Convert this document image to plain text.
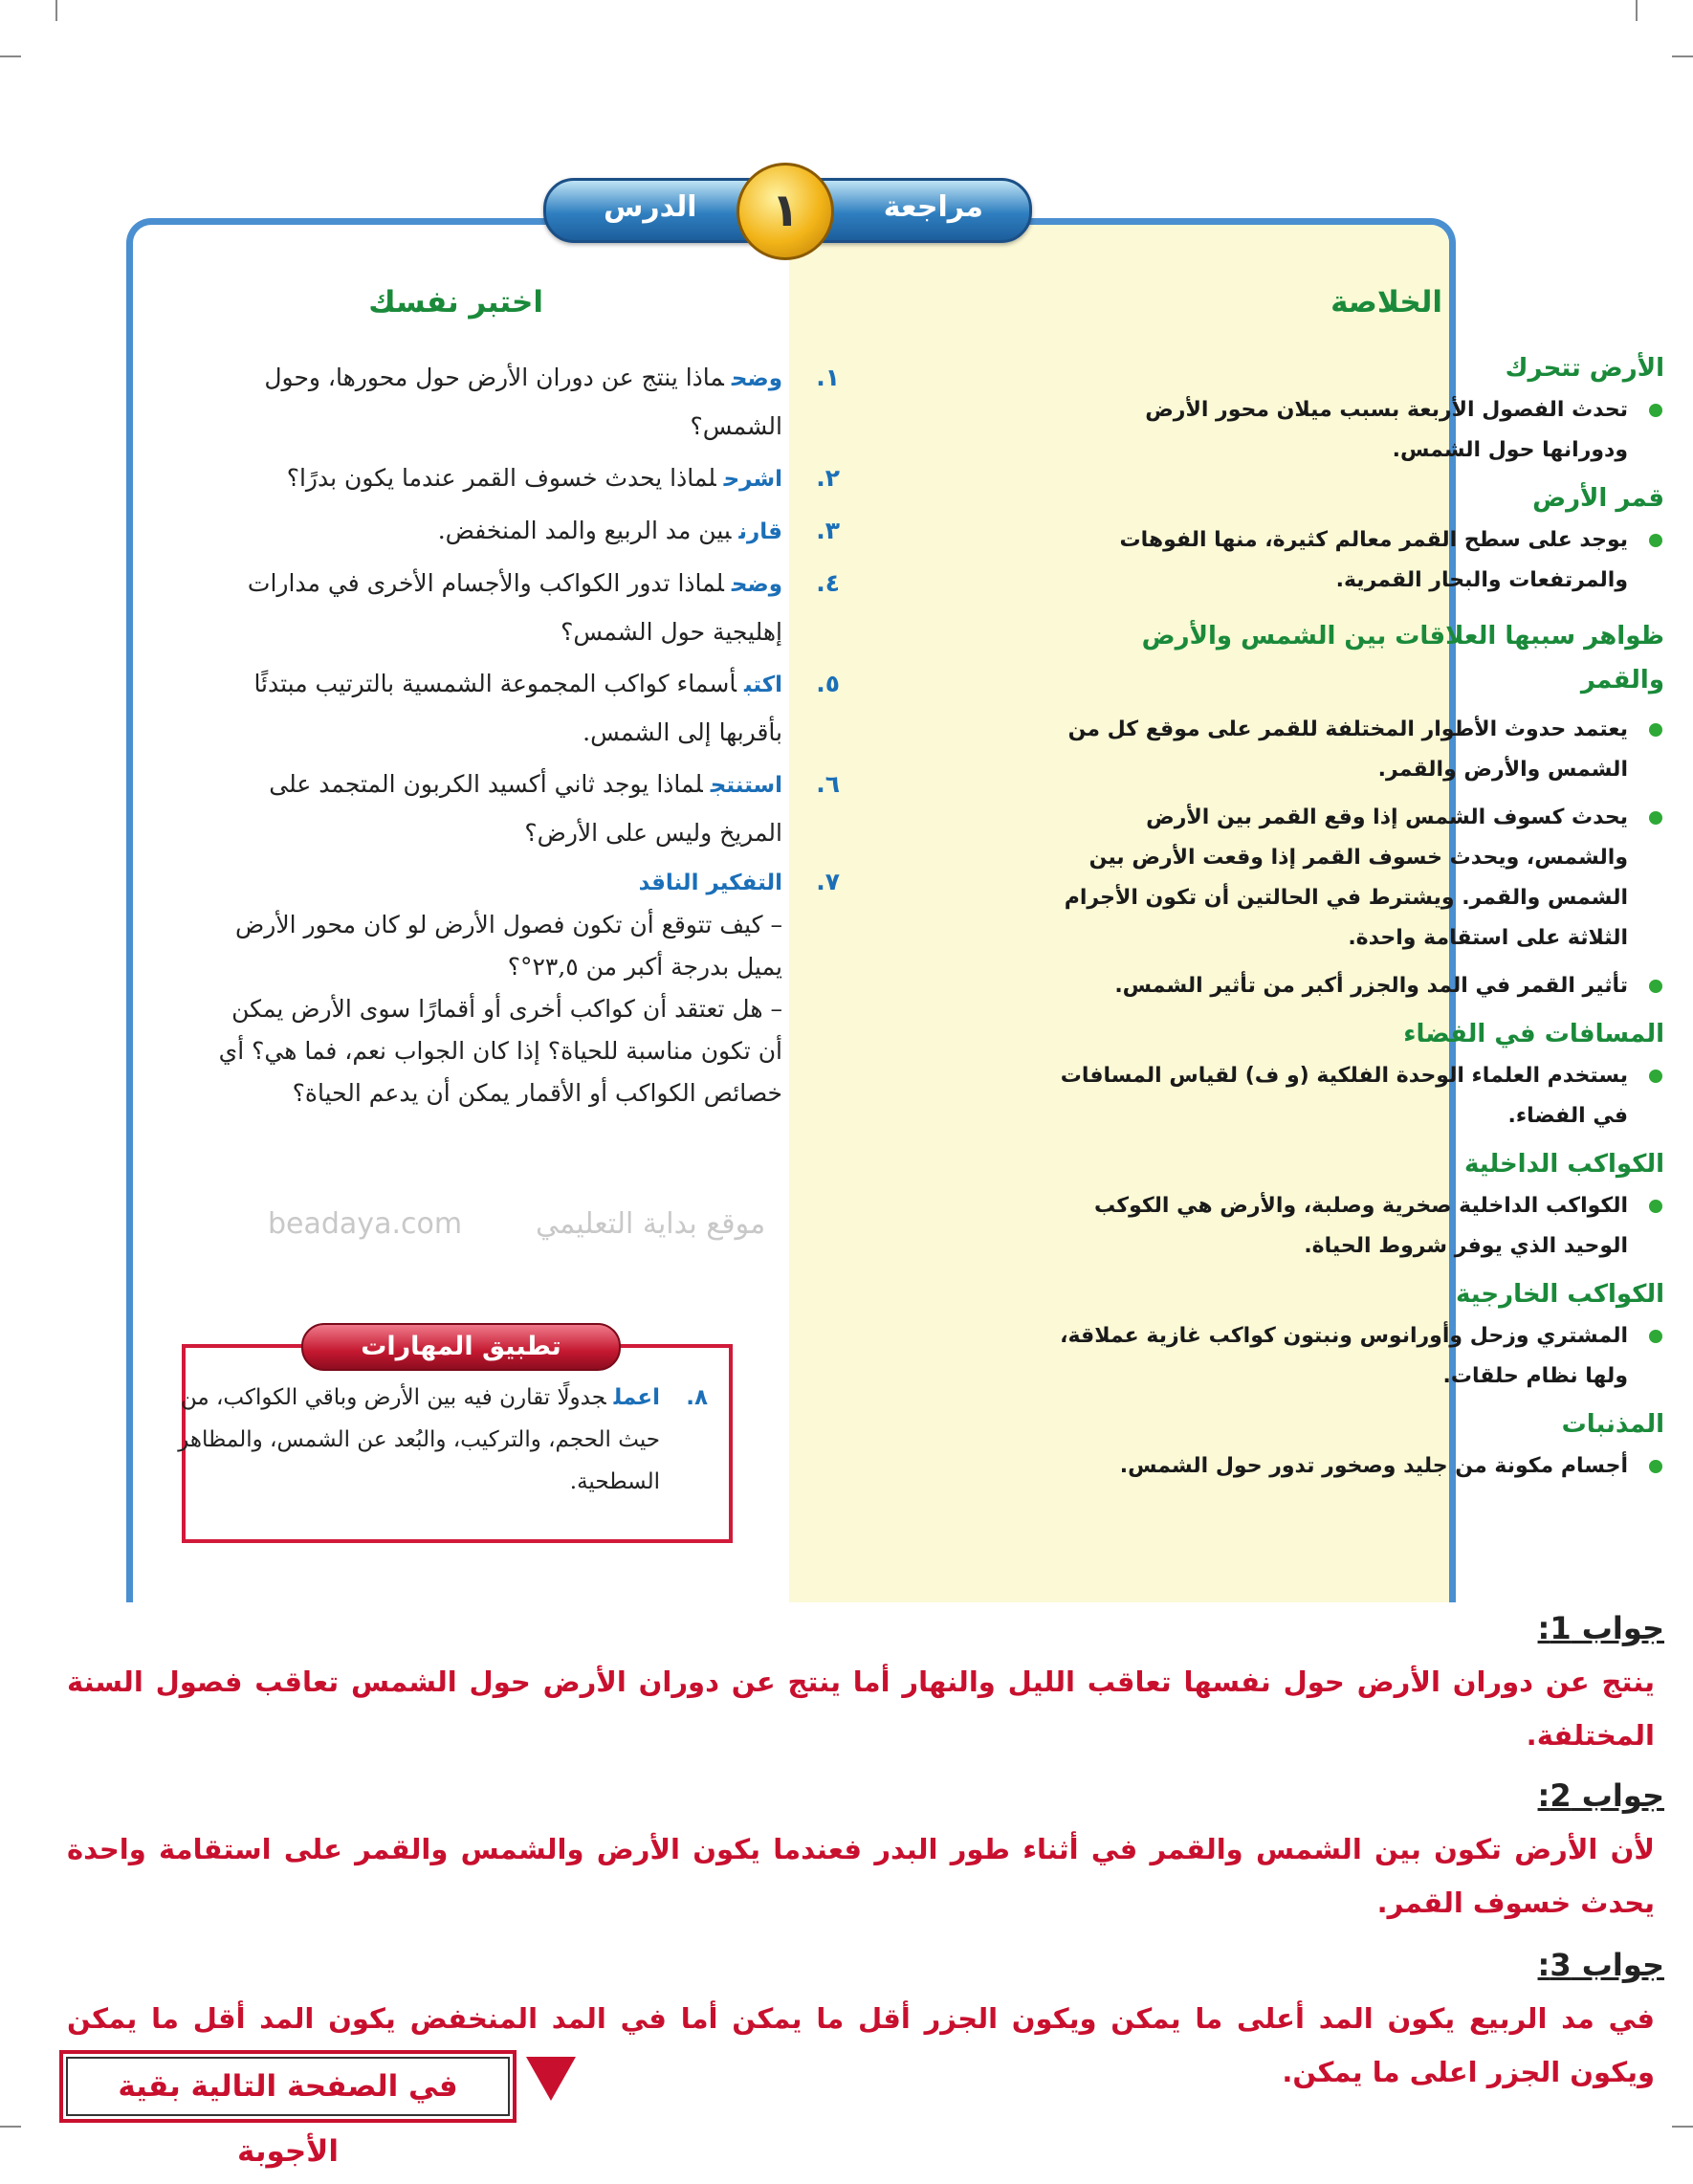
مراجعة
الدرس	١
الخلاصة
الأرض تتحرك
تحدث الفصول الأربعة بسبب ميلان محور الأرض ودورانها حول الشمس.
قمر الأرض
يوجد على سطح القمر معالم كثيرة، منها الفوهات والمرتفعات والبحار القمرية.
ظواهر سببها العلاقات بين الشمس والأرض والقمر
يعتمد حدوث الأطوار المختلفة للقمر على موقع كل من الشمس والأرض والقمر.
يحدث كسوف الشمس إذا وقع القمر بين الأرض والشمس، ويحدث خسوف القمر إذا وقعت الأرض بين الشمس والقمر. ويشترط في الحالتين أن تكون الأجرام الثلاثة على استقامة واحدة.
تأثير القمر في المد والجزر أكبر من تأثير الشمس.
المسافات في الفضاء
يستخدم العلماء الوحدة الفلكية (و ف) لقياس المسافات في الفضاء.
الكواكب الداخلية
الكواكب الداخلية صخرية وصلبة، والأرض هي الكوكب الوحيد الذي يوفر شروط الحياة.
الكواكب الخارجية
المشتري وزحل وأورانوس ونبتون كواكب غازية عملاقة، ولها نظام حلقات.
المذنبات
أجسام مكونة من جليد وصخور تدور حول الشمس.
اختبر نفسك
١.
وضحماذا ينتج عن دوران الأرض حول محورها، وحول الشمس؟
٢.
اشرحلماذا يحدث خسوف القمر عندما يكون بدرًا؟
٣.
قارنبين مد الربيع والمد المنخفض.
٤.
وضحلماذا تدور الكواكب والأجسام الأخرى في مدارات إهليجية حول الشمس؟
٥.
اكتبأسماء كواكب المجموعة الشمسية بالترتيب مبتدئًا بأقربها إلى الشمس.
٦.
استنتجلماذا يوجد ثاني أكسيد الكربون المتجمد على المريخ وليس على الأرض؟
٧.
التفكير الناقد
– كيف تتوقع أن تكون فصول الأرض لو كان محور الأرض يميل بدرجة أكبر من ٢٣,٥°؟
– هل تعتقد أن كواكب أخرى أو أقمارًا سوى الأرض يمكن أن تكون مناسبة للحياة؟ إذا كان الجواب نعم، فما هي؟ أي خصائص الكواكب أو الأقمار يمكن أن يدعم الحياة؟
موقع بداية التعليمي
beadaya.com
٨.
اعملجدولًا تقارن فيه بين الأرض وباقي الكواكب، من حيث الحجم، والتركيب، والبُعد عن الشمس، والمظاهر السطحية.
تطبيق المهارات
جواب 1:
ينتج عن دوران الأرض حول نفسها تعاقب الليل والنهار أما ينتج عن دوران الأرض حول الشمس تعاقب فصول السنة المختلفة.
جواب 2:
لأن الأرض تكون بين الشمس والقمر في أثناء طور البدر فعندما يكون الأرض والشمس والقمر على استقامة واحدة يحدث خسوف القمر.
جواب 3:
في مد الربيع يكون المد أعلى ما يمكن ويكون الجزر أقل ما يمكن أما في المد المنخفض يكون المد أقل ما يمكن ويكون الجزر اعلى ما يمكن.
في الصفحة التالية بقية الأجوبة
